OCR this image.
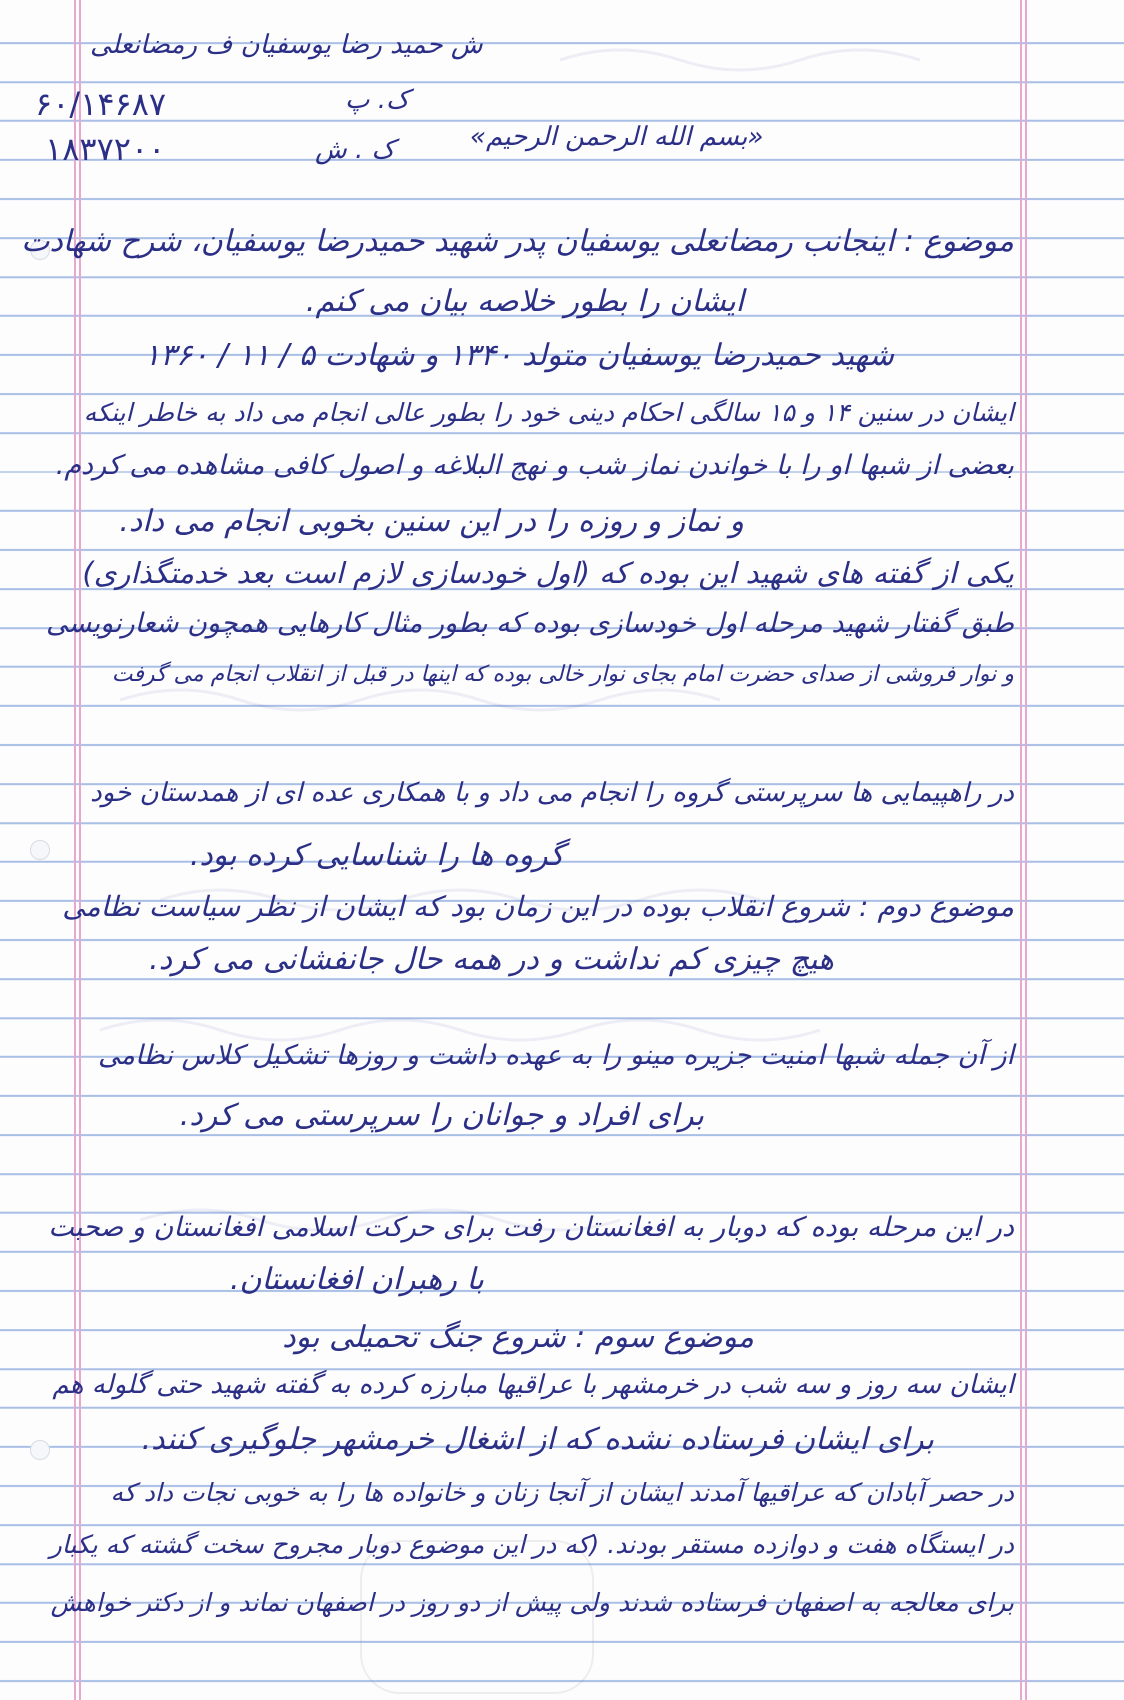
ش حمید رضا یوسفیان ف رمضانعلی
۶۰/۱۴۶۸۷
۱۸۳۷۲۰۰
ک. پ
ک . ش	«بسم الله الرحمن الرحیم»
موضوع : اینجانب رمضانعلی یوسفیان پدر شهید حمیدرضا یوسفیان، شرح شهادت
ایشان را بطور خلاصه بیان می کنم.
شهید حمیدرضا یوسفیان متولد ۱۳۴۰ و شهادت ۵ / ۱۱ / ۱۳۶۰
ایشان در سنین ۱۴ و ۱۵ سالگی احکام دینی خود را بطور عالی انجام می داد به خاطر اینکه
بعضی از شبها او را با خواندن نماز شب و نهج البلاغه و اصول کافی مشاهده می کردم.
و نماز و روزه را در این سنین بخوبی انجام می داد.
یکی از گفته های شهید این بوده که (اول خودسازی لازم است بعد خدمتگذاری)
طبق گفتار شهید مرحله اول خودسازی بوده که بطور مثال کارهایی همچون شعارنویسی
و نوار فروشی از صدای حضرت امام بجای نوار خالی بوده که اینها در قبل از انقلاب انجام می گرفت
در راهپیمایی ها سرپرستی گروه را انجام می داد و با همکاری عده ای از همدستان خود
گروه ها را شناسایی کرده بود.
موضوع دوم : شروع انقلاب بوده در این زمان بود که ایشان از نظر سیاست نظامی
هیچ چیزی کم نداشت و در همه حال جانفشانی می کرد.
از آن جمله شبها امنیت جزیره مینو را به عهده داشت و روزها تشکیل کلاس نظامی
برای افراد و جوانان را سرپرستی می کرد.
در این مرحله بوده که دوبار به افغانستان رفت برای حرکت اسلامی افغانستان و صحبت
با رهبران افغانستان.
موضوع سوم : شروع جنگ تحمیلی بود
ایشان سه روز و سه شب در خرمشهر با عراقیها مبارزه کرده به گفته شهید حتی گلوله هم
برای ایشان فرستاده نشده که از اشغال خرمشهر جلوگیری کنند.
در حصر آبادان که عراقیها آمدند ایشان از آنجا زنان و خانواده ها را به خوبی نجات داد که
در ایستگاه هفت و دوازده مستقر بودند. (که در این موضوع دوبار مجروح سخت گشته که یکبار
برای معالجه به اصفهان فرستاده شدند ولی پیش از دو روز در اصفهان نماند و از دکتر خواهش
